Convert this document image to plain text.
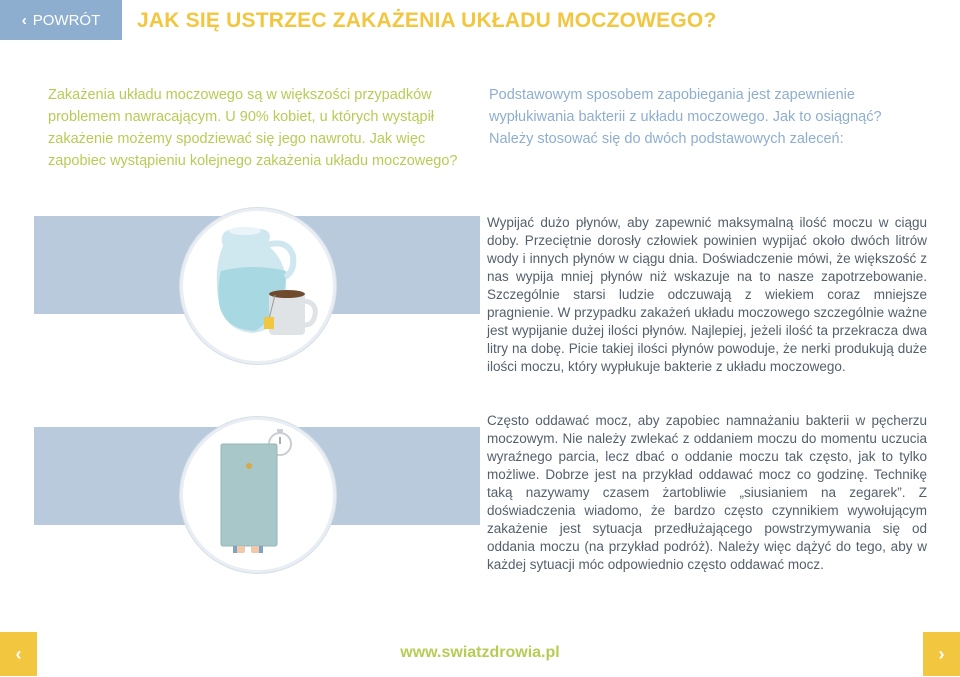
‹ POWRÓT JAK SIĘ USTRZEC ZAKAŻENIA UKŁADU MOCZOWEGO?

Zakażenia układu moczowego są w większości przypadków problemem nawracającym. U 90% kobiet, u których wystąpił zakażenie możemy spodziewać się jego nawrotu. Jak więc zapobiec wystąpieniu kolejnego zakażenia układu moczowego?

Podstawowym sposobem zapobiegania jest zapewnienie wypłukiwania bakterii z układu moczowego. Jak to osiągnąć? Należy stosować się do dwóch podstawowych zaleceń:

Wypijać dużo płynów, aby zapewnić maksymalną ilość moczu w ciągu doby. Przeciętnie dorosły człowiek powinien wypijać około dwóch litrów wody i innych płynów w ciągu dnia. Doświadczenie mówi, że większość z nas wypija mniej płynów niż wskazuje na to nasze zapotrzebowanie. Szczególnie starsi ludzie odczuwają z wiekiem coraz mniejsze pragnienie. W przypadku zakażeń układu moczowego szczególnie ważne jest wypijanie dużej ilości płynów. Najlepiej, jeżeli ilość ta przekracza dwa litry na dobę. Picie takiej ilości płynów powoduje, że nerki produkują duże ilości moczu, który wypłukuje bakterie z układu moczowego.

Często oddawać mocz, aby zapobiec namnażaniu bakterii w pęcherzu moczowym. Nie należy zwlekać z oddaniem moczu do momentu uczucia wyraźnego parcia, lecz dbać o oddanie moczu tak często, jak to tylko możliwe. Dobrze jest na przykład oddawać mocz co godzinę. Technikę taką nazywamy czasem żartobliwie „siusianiem na zegarek”. Z doświadczenia wiadomo, że bardzo często czynnikiem wywołującym zakażenie jest sytuacja przedłużającego powstrzymywania się od oddania moczu (na przykład podróż). Należy więc dążyć do tego, aby w każdej sytuacji móc odpowiednio często oddawać mocz.

‹	www.swiatzdrowia.pl	›
